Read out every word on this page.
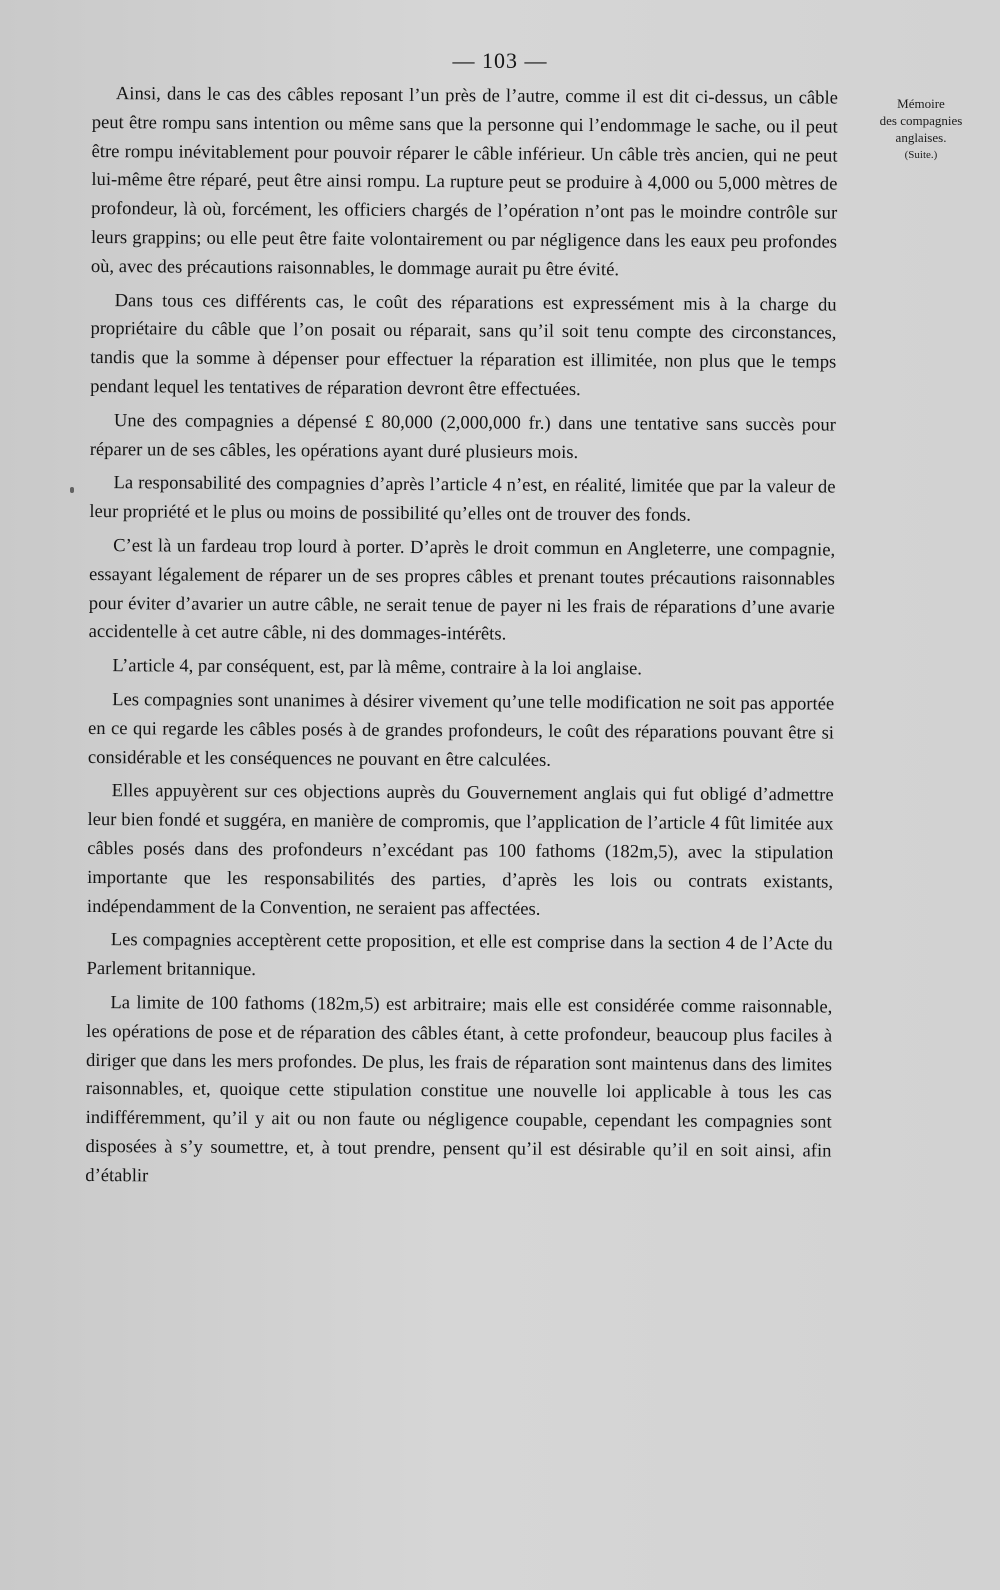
— 103 —
Mémoire
des compagnies
anglaises.
(Suite.)

Ainsi, dans le cas des câbles reposant l’un près de l’autre, comme il est dit ci-dessus, un câble peut être rompu sans intention ou même sans que la personne qui l’endommage le sache, ou il peut être rompu inévitablement pour pouvoir réparer le câble inférieur. Un câble très ancien, qui ne peut lui-même être réparé, peut être ainsi rompu. La rupture peut se produire à 4,000 ou 5,000 mètres de profondeur, là où, forcément, les officiers chargés de l’opération n’ont pas le moindre contrôle sur leurs grappins; ou elle peut être faite volontairement ou par négligence dans les eaux peu profondes où, avec des précautions raisonnables, le dommage aurait pu être évité.

Dans tous ces différents cas, le coût des réparations est expressément mis à la charge du propriétaire du câble que l’on posait ou réparait, sans qu’il soit tenu compte des circonstances, tandis que la somme à dépenser pour effectuer la réparation est illimitée, non plus que le temps pendant lequel les tentatives de réparation devront être effectuées.

Une des compagnies a dépensé £ 80,000 (2,000,000 fr.) dans une tentative sans succès pour réparer un de ses câbles, les opérations ayant duré plusieurs mois.

La responsabilité des compagnies d’après l’article 4 n’est, en réalité, limitée que par la valeur de leur propriété et le plus ou moins de possibilité qu’elles ont de trouver des fonds.

C’est là un fardeau trop lourd à porter. D’après le droit commun en Angleterre, une compagnie, essayant légalement de réparer un de ses propres câbles et prenant toutes précautions raisonnables pour éviter d’avarier un autre câble, ne serait tenue de payer ni les frais de réparations d’une avarie accidentelle à cet autre câble, ni des dommages-intérêts.

L’article 4, par conséquent, est, par là même, contraire à la loi anglaise.

Les compagnies sont unanimes à désirer vivement qu’une telle modification ne soit pas apportée en ce qui regarde les câbles posés à de grandes profondeurs, le coût des réparations pouvant être si considérable et les conséquences ne pouvant en être calculées.

Elles appuyèrent sur ces objections auprès du Gouvernement anglais qui fut obligé d’admettre leur bien fondé et suggéra, en manière de compromis, que l’application de l’article 4 fût limitée aux câbles posés dans des profondeurs n’excédant pas 100 fathoms (182m,5), avec la stipulation importante que les responsabilités des parties, d’après les lois ou contrats existants, indépendamment de la Convention, ne seraient pas affectées.

Les compagnies acceptèrent cette proposition, et elle est comprise dans la section 4 de l’Acte du Parlement britannique.

La limite de 100 fathoms (182m,5) est arbitraire; mais elle est considérée comme raisonnable, les opérations de pose et de réparation des câbles étant, à cette profondeur, beaucoup plus faciles à diriger que dans les mers profondes. De plus, les frais de réparation sont maintenus dans des limites raisonnables, et, quoique cette stipulation constitue une nouvelle loi applicable à tous les cas indifféremment, qu’il y ait ou non faute ou négligence coupable, cependant les compagnies sont disposées à s’y soumettre, et, à tout prendre, pensent qu’il est désirable qu’il en soit ainsi, afin d’établir
